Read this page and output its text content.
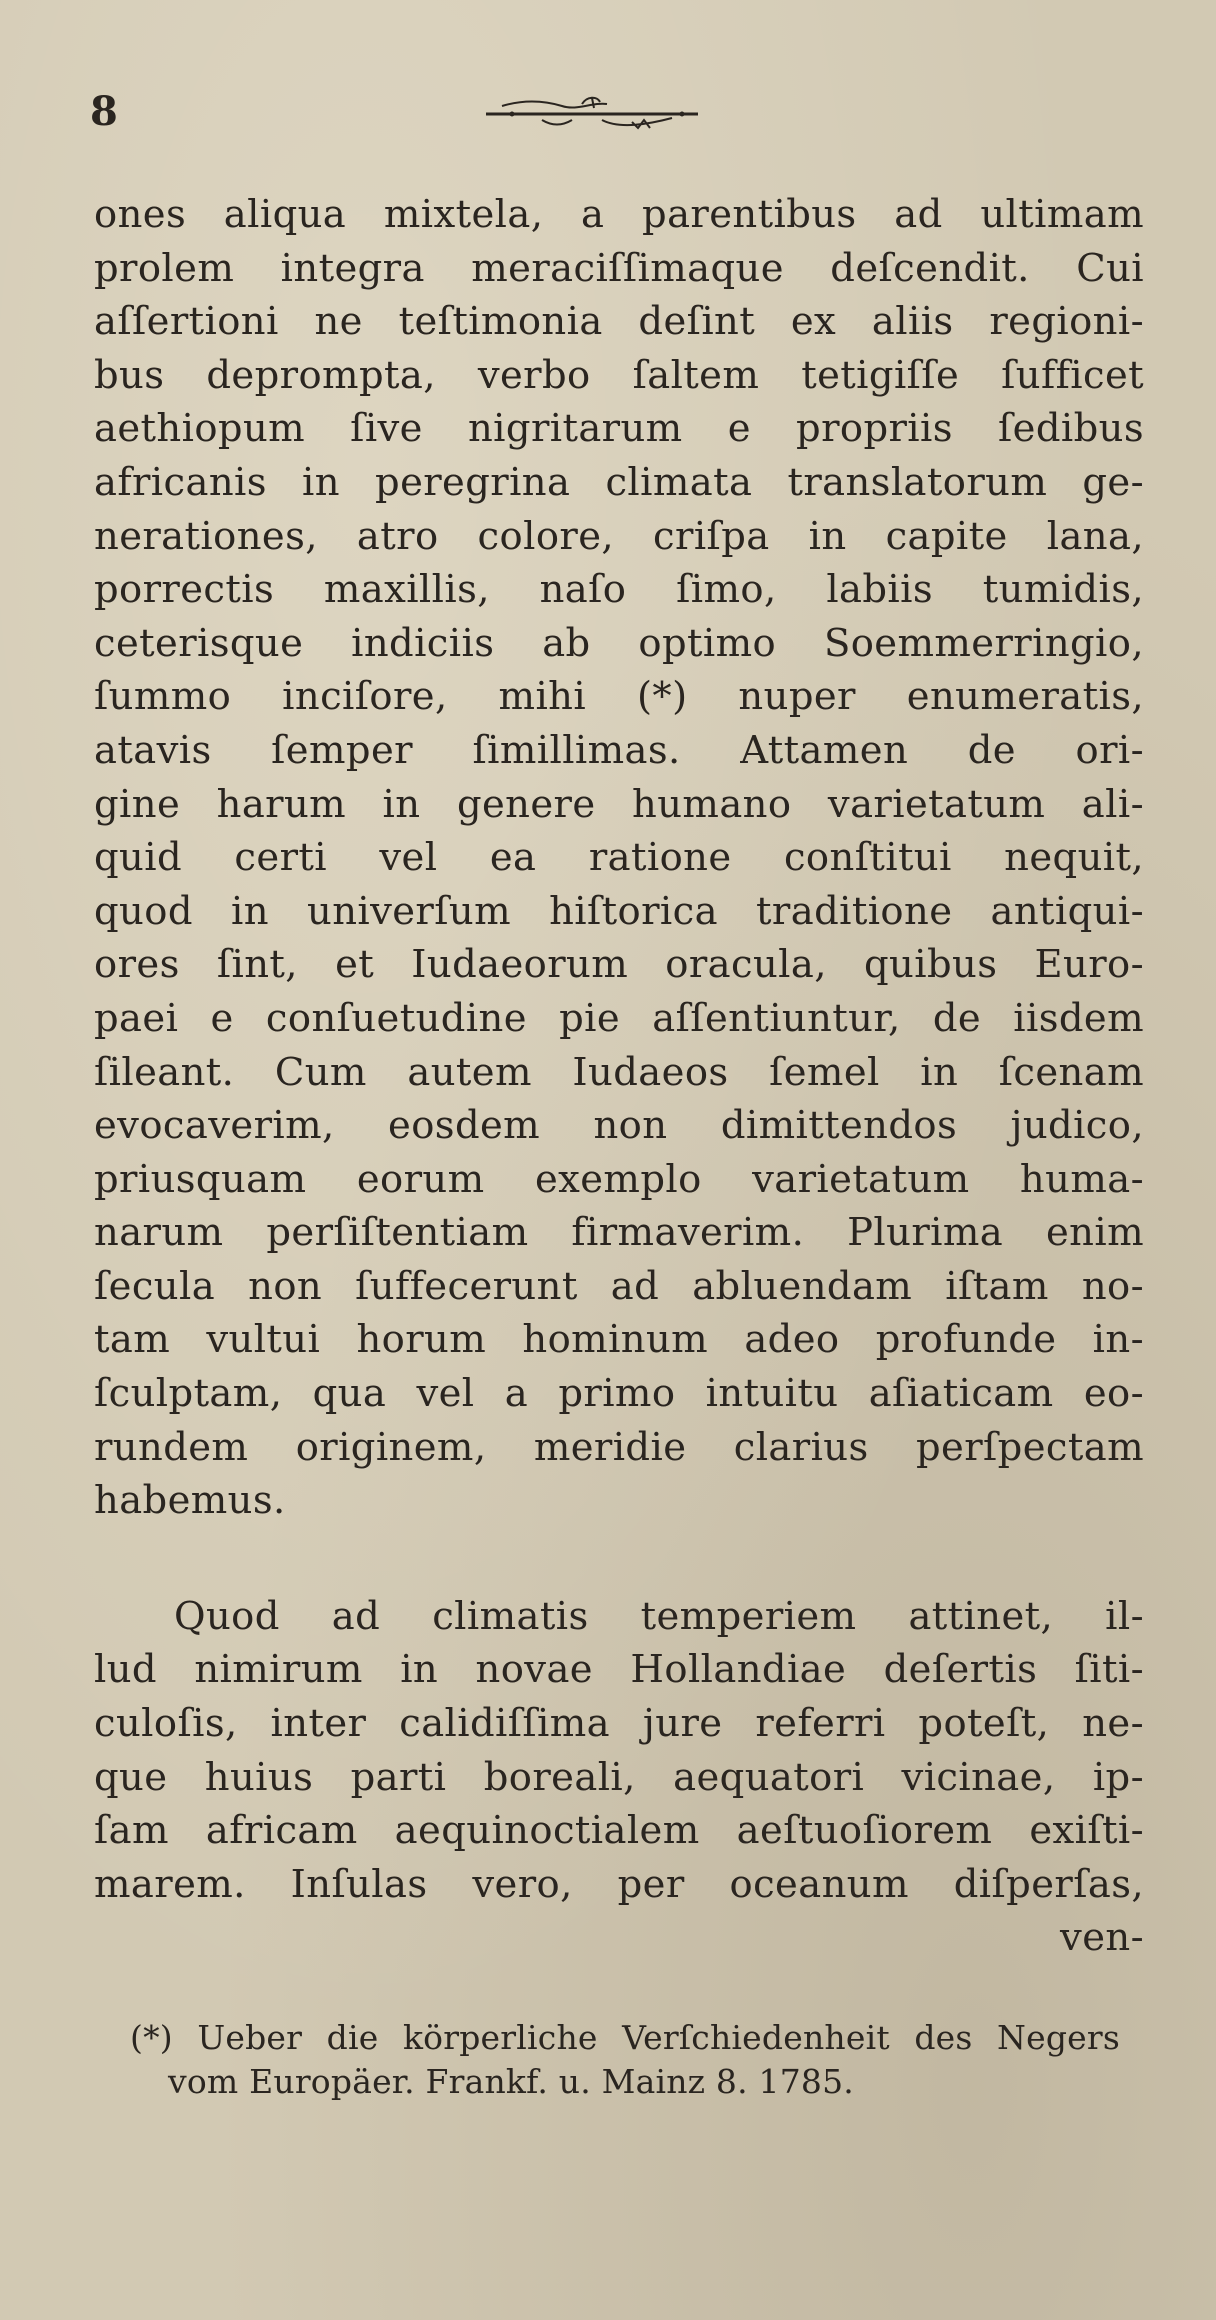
8
ones aliqua mixtela, a parentibus ad ultimam
prolem integra meraciſſimaque deſcendit. Cui
aſſertioni ne teſtimonia deſint ex aliis regioni-
bus deprompta, verbo ſaltem tetigiſſe ſufficet
aethiopum ſive nigritarum e propriis ſedibus
africanis in peregrina climata translatorum ge-
nerationes, atro colore, criſpa in capite lana,
porrectis maxillis, naſo ſimo, labiis tumidis,
ceterisque indiciis ab optimo Soemmerringio,
ſummo inciſore, mihi (*) nuper enumeratis,
atavis ſemper ſimillimas. Attamen de ori-
gine harum in genere humano varietatum ali-
quid certi vel ea ratione conſtitui nequit,
quod in univerſum hiſtorica traditione antiqui-
ores ſint, et Iudaeorum oracula, quibus Euro-
paei e conſuetudine pie aſſentiuntur, de iisdem
ſileant. Cum autem Iudaeos ſemel in ſcenam
evocaverim, eosdem non dimittendos judico,
priusquam eorum exemplo varietatum huma-
narum perſiſtentiam firmaverim. Plurima enim
ſecula non ſuffecerunt ad abluendam iſtam no-
tam vultui horum hominum adeo profunde in-
ſculptam, qua vel a primo intuitu aſiaticam eo-
rundem originem, meridie clarius perſpectam
habemus.
Quod ad climatis temperiem attinet, il-
lud nimirum in novae Hollandiae deſertis ſiti-
culoſis, inter calidiſſima jure referri poteſt, ne-
que huius parti boreali, aequatori vicinae, ip-
ſam africam aequinoctialem aeſtuoſiorem exiſti-
marem. Inſulas vero, per oceanum diſperſas,
ven-
(*) Ueber die körperliche Verſchiedenheit des Negers
vom Europäer. Frankf. u. Mainz 8. 1785.
